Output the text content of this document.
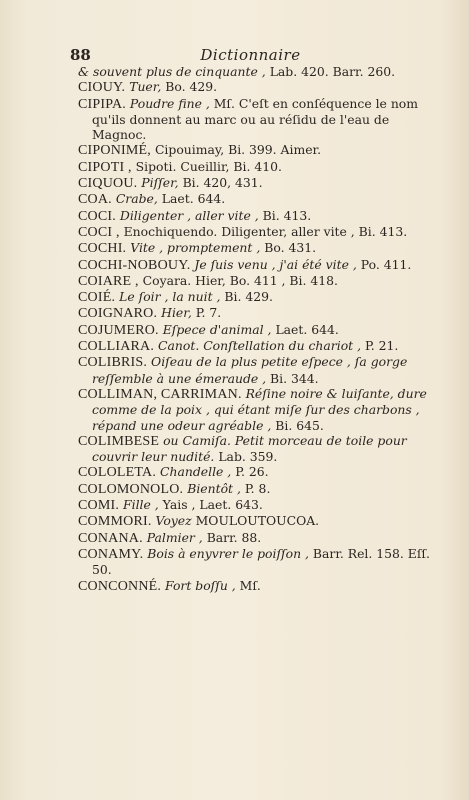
88	Dictionnaire
& souvent plus de cinquante , Lab. 420. Barr. 260.
CIOUY. Tuer, Bo. 429.
CIPIPA. Poudre fine , Mſ. C'eſt en conſéquence le nom qu'ils donnent au marc ou au réſidu de l'eau de Magnoc.
CIPONIMÉ, Cipouimay, Bi. 399. Aimer.
CIPOTI , Sipoti. Cueillir, Bi. 410.
CIQUOU. Piſſer, Bi. 420, 431.
COA. Crabe, Laet. 644.
COCI. Diligenter , aller vite , Bi. 413.
COCI , Enochiquendo. Diligenter, aller vite , Bi. 413.
COCHI. Vite , promptement , Bo. 431.
COCHI-NOBOUY. Je ſuis venu , j'ai été vite , Po. 411.
COIARE , Coyara. Hier, Bo. 411 , Bi. 418.
COIÉ. Le ſoir , la nuit , Bi. 429.
COIGNARO. Hier, P. 7.
COJUMERO. Eſpece d'animal , Laet. 644.
COLLIARA. Canot. Conſtellation du chariot , P. 21.
COLIBRIS. Oiſeau de la plus petite eſpece , ſa gorge reſſemble à une émeraude , Bi. 344.
COLLIMAN, CARRIMAN. Réſine noire & luiſante, dure comme de la poix , qui étant miſe ſur des charbons , répand une odeur agréable , Bi. 645.
COLIMBESE ou Camiſa. Petit morceau de toile pour couvrir leur nudité. Lab. 359.
COLOLETA. Chandelle , P. 26.
COLOMONOLO. Bientôt , P. 8.
COMI. Fille , Yais , Laet. 643.
COMMORI. Voyez MOULOUTOUCOA.
CONANA. Palmier , Barr. 88.
CONAMY. Bois à enyvrer le poiſſon , Barr. Rel. 158. Eſſ. 50.
CONCONNÉ. Fort boſſu , Mſ.
